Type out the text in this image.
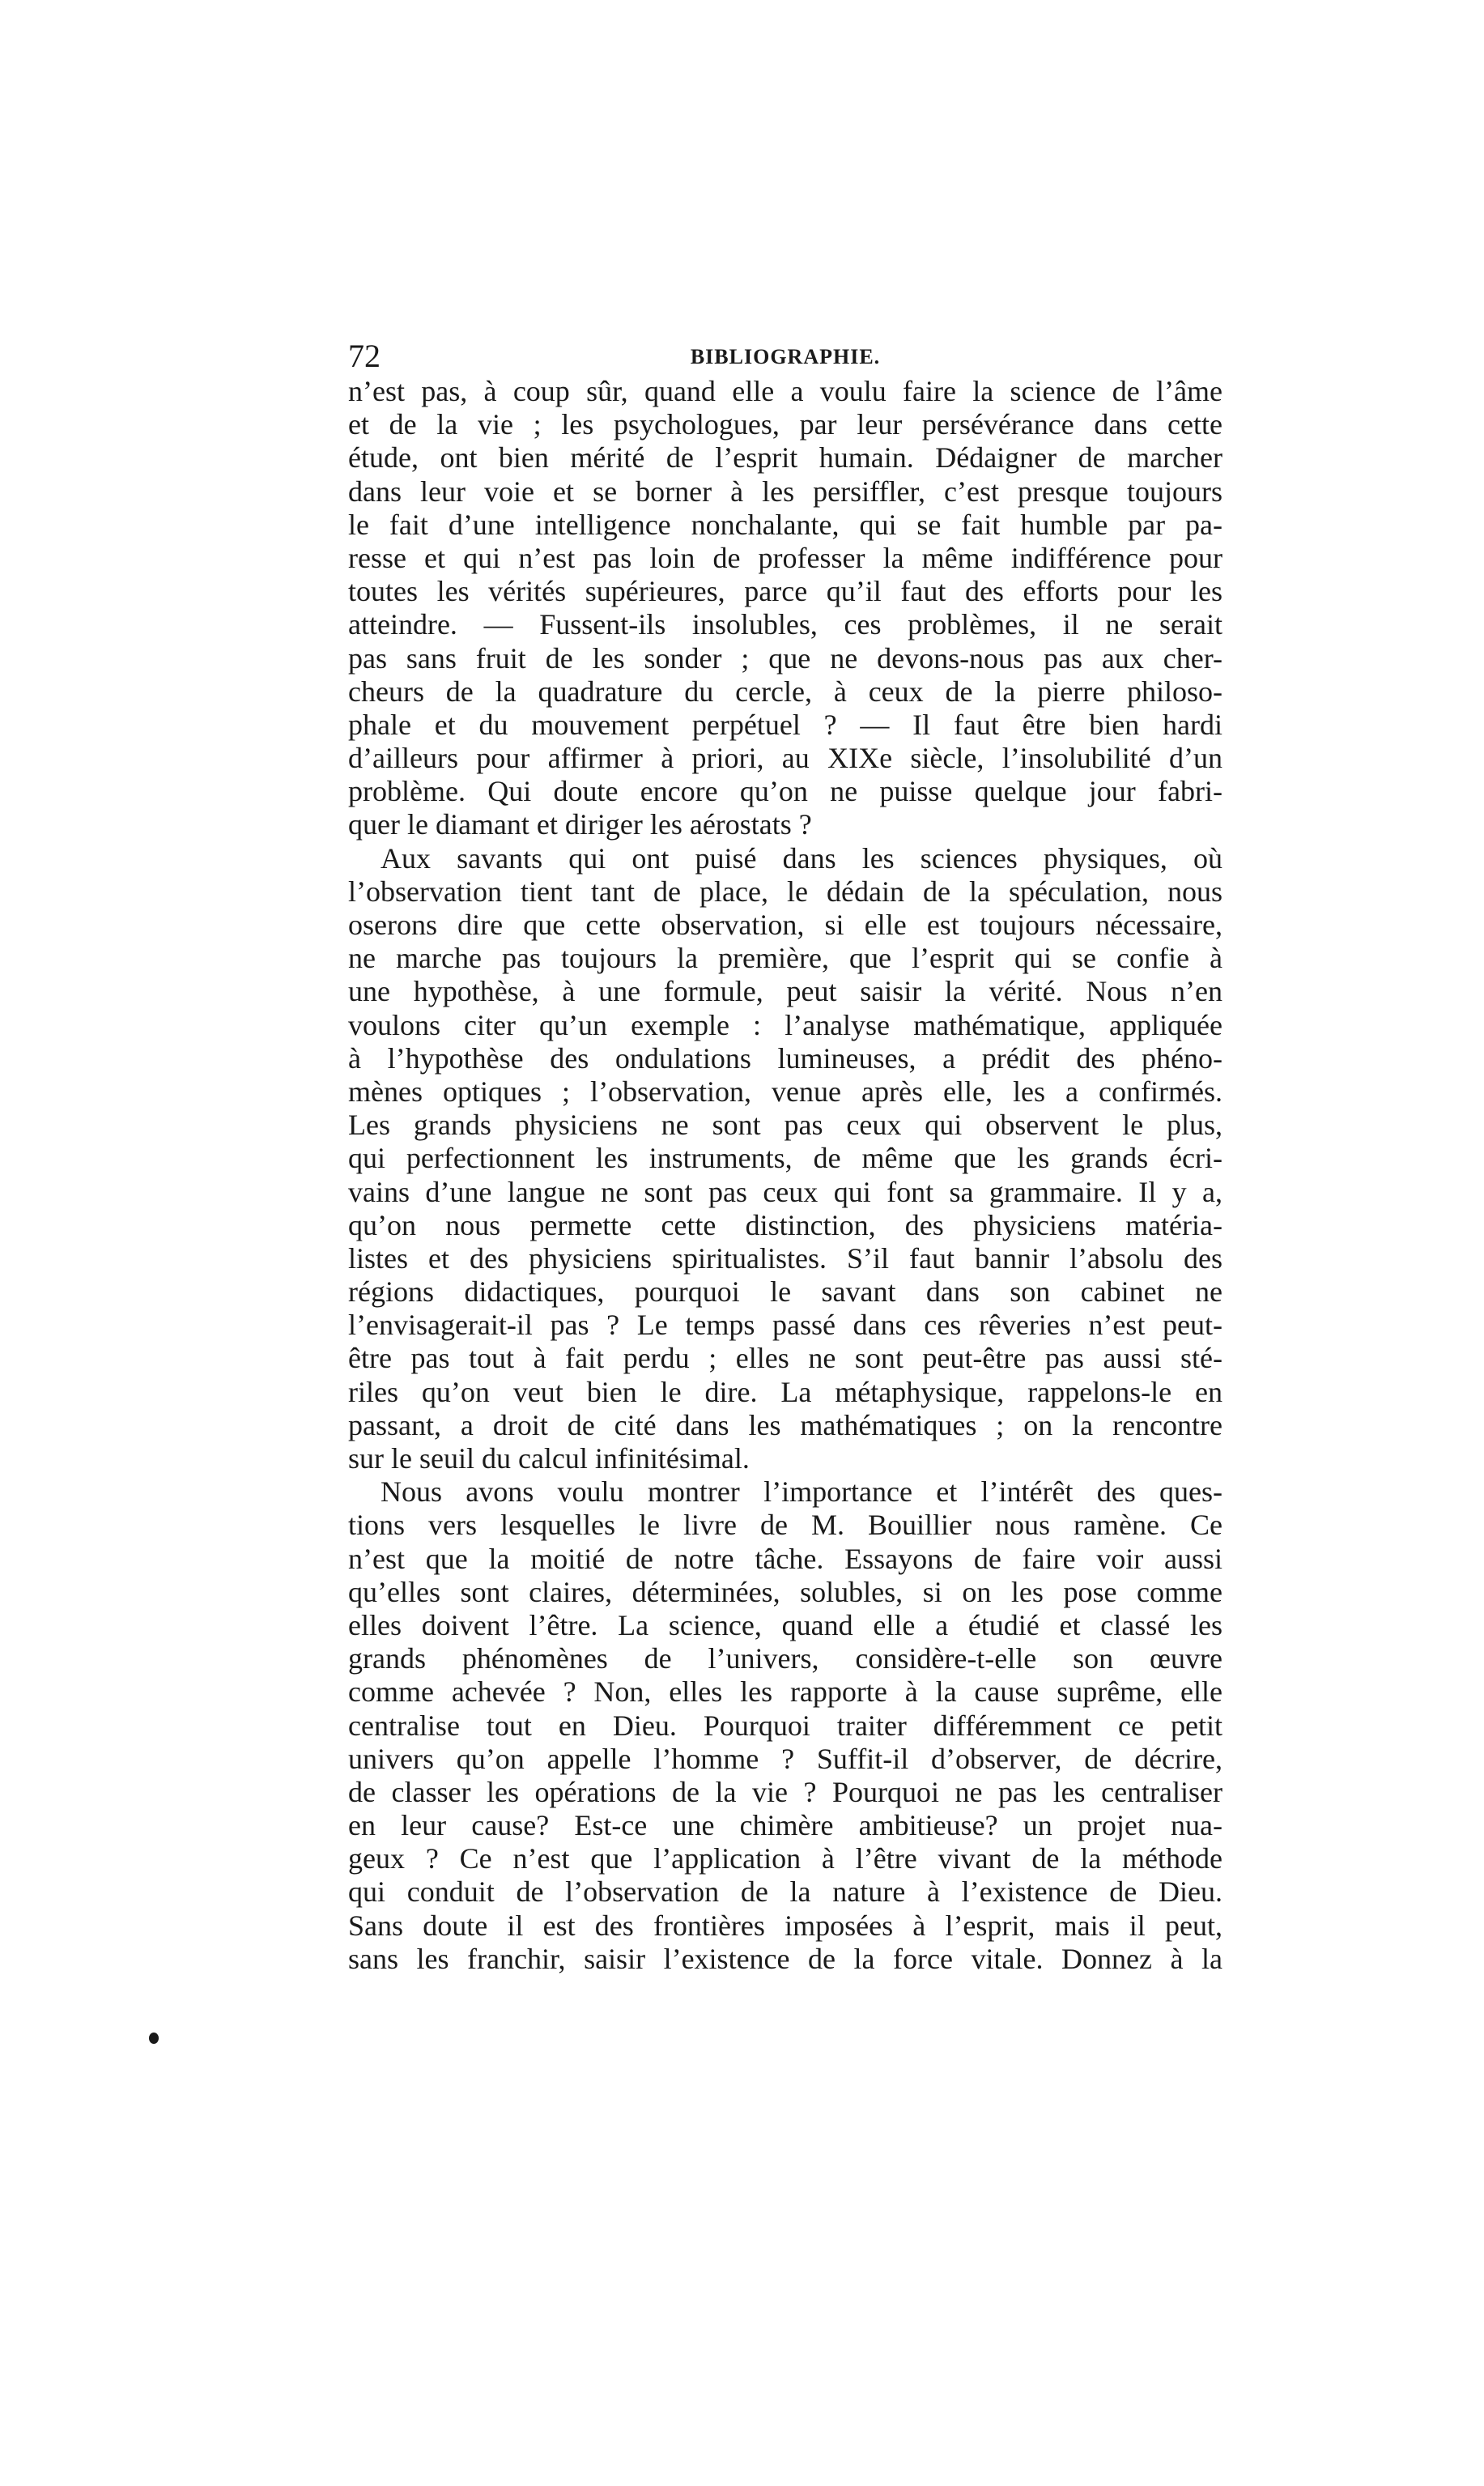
72	BIBLIOGRAPHIE.
n’est pas, à coup sûr, quand elle a voulu faire la science de l’âme
et de la vie ; les psychologues, par leur persévérance dans cette
étude, ont bien mérité de l’esprit humain. Dédaigner de marcher
dans leur voie et se borner à les persiffler, c’est presque toujours
le fait d’une intelligence nonchalante, qui se fait humble par pa-
resse et qui n’est pas loin de professer la même indifférence pour
toutes les vérités supérieures, parce qu’il faut des efforts pour les
atteindre. — Fussent-ils insolubles, ces problèmes, il ne serait
pas sans fruit de les sonder ; que ne devons-nous pas aux cher-
cheurs de la quadrature du cercle, à ceux de la pierre philoso-
phale et du mouvement perpétuel ? — Il faut être bien hardi
d’ailleurs pour affirmer à priori, au XIXe siècle, l’insolubilité d’un
problème. Qui doute encore qu’on ne puisse quelque jour fabri-
quer le diamant et diriger les aérostats ?
Aux savants qui ont puisé dans les sciences physiques, où
l’observation tient tant de place, le dédain de la spéculation, nous
oserons dire que cette observation, si elle est toujours nécessaire,
ne marche pas toujours la première, que l’esprit qui se confie à
une hypothèse, à une formule, peut saisir la vérité. Nous n’en
voulons citer qu’un exemple : l’analyse mathématique, appliquée
à l’hypothèse des ondulations lumineuses, a prédit des phéno-
mènes optiques ; l’observation, venue après elle, les a confirmés.
Les grands physiciens ne sont pas ceux qui observent le plus,
qui perfectionnent les instruments, de même que les grands écri-
vains d’une langue ne sont pas ceux qui font sa grammaire. Il y a,
qu’on nous permette cette distinction, des physiciens matéria-
listes et des physiciens spiritualistes. S’il faut bannir l’absolu des
régions didactiques, pourquoi le savant dans son cabinet ne
l’envisagerait-il pas ? Le temps passé dans ces rêveries n’est peut-
être pas tout à fait perdu ; elles ne sont peut-être pas aussi sté-
riles qu’on veut bien le dire. La métaphysique, rappelons-le en
passant, a droit de cité dans les mathématiques ; on la rencontre
sur le seuil du calcul infinitésimal.
Nous avons voulu montrer l’importance et l’intérêt des ques-
tions vers lesquelles le livre de M. Bouillier nous ramène. Ce
n’est que la moitié de notre tâche. Essayons de faire voir aussi
qu’elles sont claires, déterminées, solubles, si on les pose comme
elles doivent l’être. La science, quand elle a étudié et classé les
grands phénomènes de l’univers, considère-t-elle son œuvre
comme achevée ? Non, elles les rapporte à la cause suprême, elle
centralise tout en Dieu. Pourquoi traiter différemment ce petit
univers qu’on appelle l’homme ? Suffit-il d’observer, de décrire,
de classer les opérations de la vie ? Pourquoi ne pas les centraliser
en leur cause? Est-ce une chimère ambitieuse? un projet nua-
geux ? Ce n’est que l’application à l’être vivant de la méthode
qui conduit de l’observation de la nature à l’existence de Dieu.
Sans doute il est des frontières imposées à l’esprit, mais il peut,
sans les franchir, saisir l’existence de la force vitale. Donnez à la
